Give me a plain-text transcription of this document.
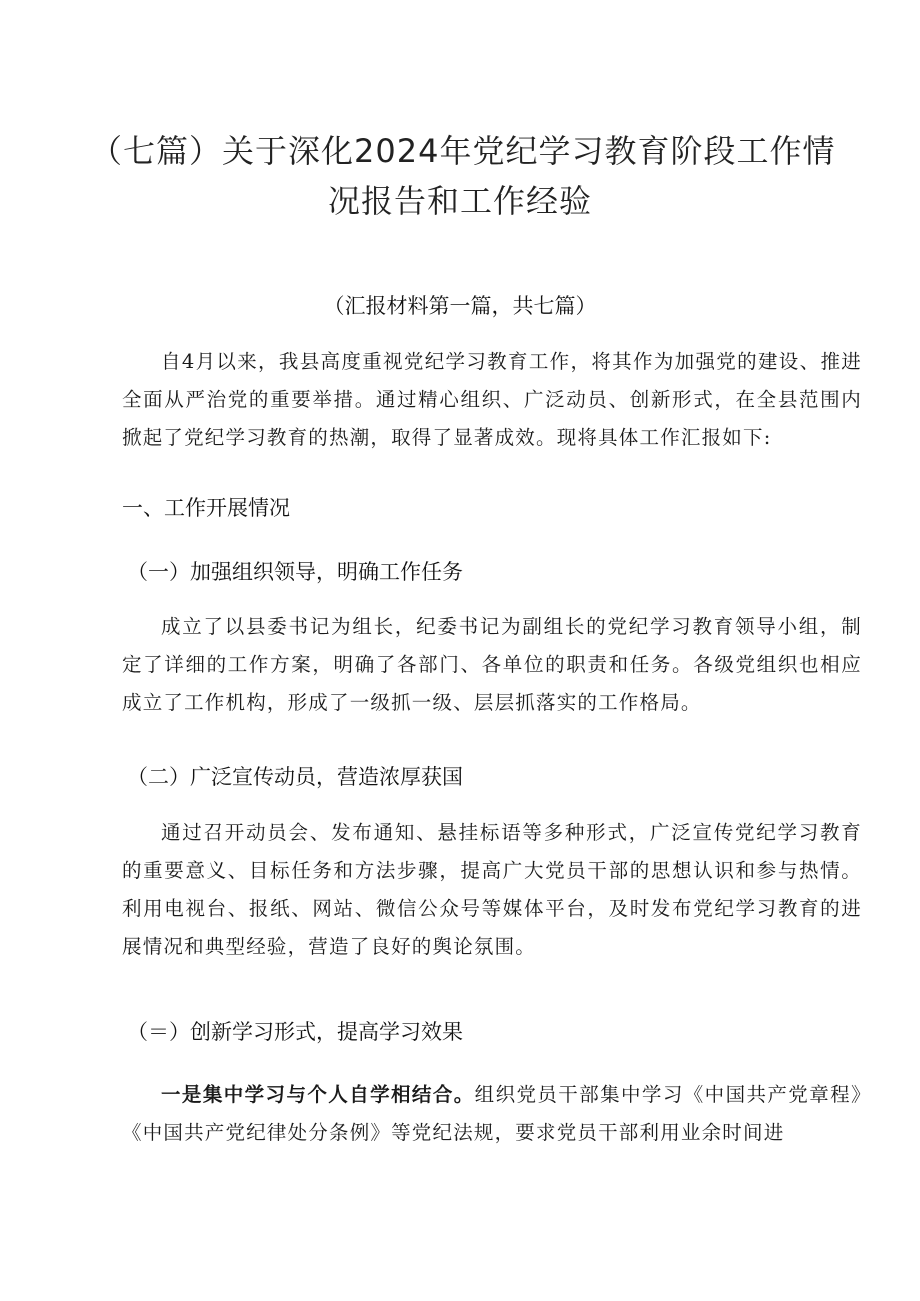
（七篇）关于深化2024年党纪学习教育阶段工作情
况报告和工作经验
（汇报材料第一篇，共七篇）
自4月以来，我县高度重视党纪学习教育工作，将其作为加强党的建设、推进全面从严治党的重要举措。通过精心组织、广泛动员、创新形式，在全县范围内掀起了党纪学习教育的热潮，取得了显著成效。现将具体工作汇报如下:
一、工作开展情况
（一）加强组织领导，明确工作任务
成立了以县委书记为组长，纪委书记为副组长的党纪学习教育领导小组，制定了详细的工作方案，明确了各部门、各单位的职责和任务。各级党组织也相应成立了工作机构，形成了一级抓一级、层层抓落实的工作格局。
（二）广泛宣传动员，营造浓厚获国
通过召开动员会、发布通知、悬挂标语等多种形式，广泛宣传党纪学习教育的重要意义、目标任务和方法步骤，提高广大党员干部的思想认识和参与热情。利用电视台、报纸、网站、微信公众号等媒体平台，及时发布党纪学习教育的进展情况和典型经验，营造了良好的舆论氛围。
（＝）创新学习形式，提高学习效果
一是集中学习与个人自学相结合。组织党员干部集中学习《中国共产党章程》《中国共产党纪律处分条例》等党纪法规，要求党员干部利用业余时间进
